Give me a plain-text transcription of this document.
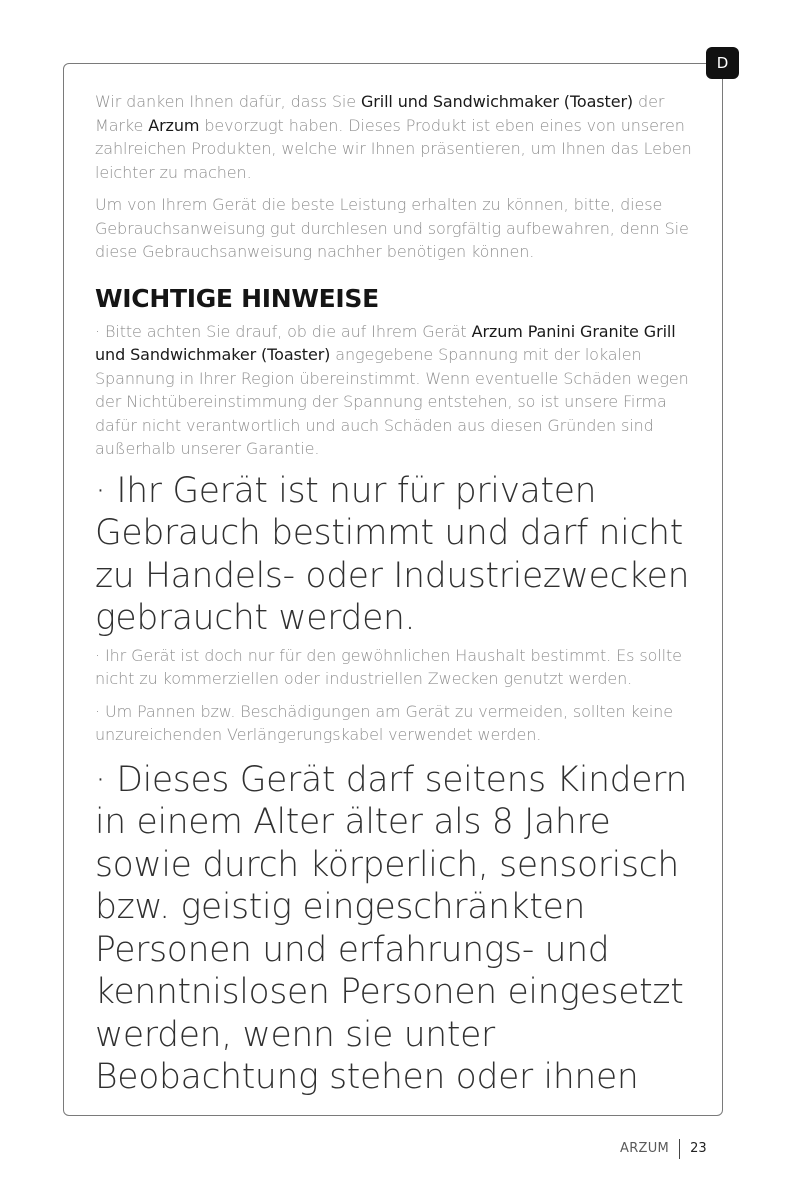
D

Wir danken Ihnen dafür, dass Sie Grill und Sandwichmaker (Toaster) der Marke Arzum bevorzugt haben. Dieses Produkt ist eben eines von unseren zahlreichen Produkten, welche wir Ihnen präsentieren, um Ihnen das Leben leichter zu machen.

Um von Ihrem Gerät die beste Leistung erhalten zu können, bitte, diese Gebrauchsanweisung gut durchlesen und sorgfältig aufbewahren, denn Sie diese Gebrauchsanweisung nachher benötigen können.

WICHTIGE HINWEISE

· Bitte achten Sie drauf, ob die auf Ihrem Gerät Arzum Panini Granite Grill und Sandwichmaker (Toaster) angegebene Spannung mit der lokalen Spannung in Ihrer Region übereinstimmt. Wenn eventuelle Schäden wegen der Nichtübereinstimmung der Spannung entstehen, so ist unsere Firma dafür nicht verantwortlich und auch Schäden aus diesen Gründen sind außerhalb unserer Garantie.

· Ihr Gerät ist nur für privaten Gebrauch bestimmt und darf nicht zu Handels- oder Industriezwecken gebraucht werden.

· Ihr Gerät ist doch nur für den gewöhnlichen Haushalt bestimmt. Es sollte nicht zu kommerziellen oder industriellen Zwecken genutzt werden.

· Um Pannen bzw. Beschädigungen am Gerät zu vermeiden, sollten keine unzureichenden Verlängerungskabel verwendet werden.

· Dieses Gerät darf seitens Kindern in einem Alter älter als 8 Jahre sowie durch körperlich, sensorisch bzw. geistig eingeschränkten Personen und erfahrungs- und kenntnislosen Personen eingesetzt werden, wenn sie unter Beobachtung stehen oder ihnen
ARZUM 23
